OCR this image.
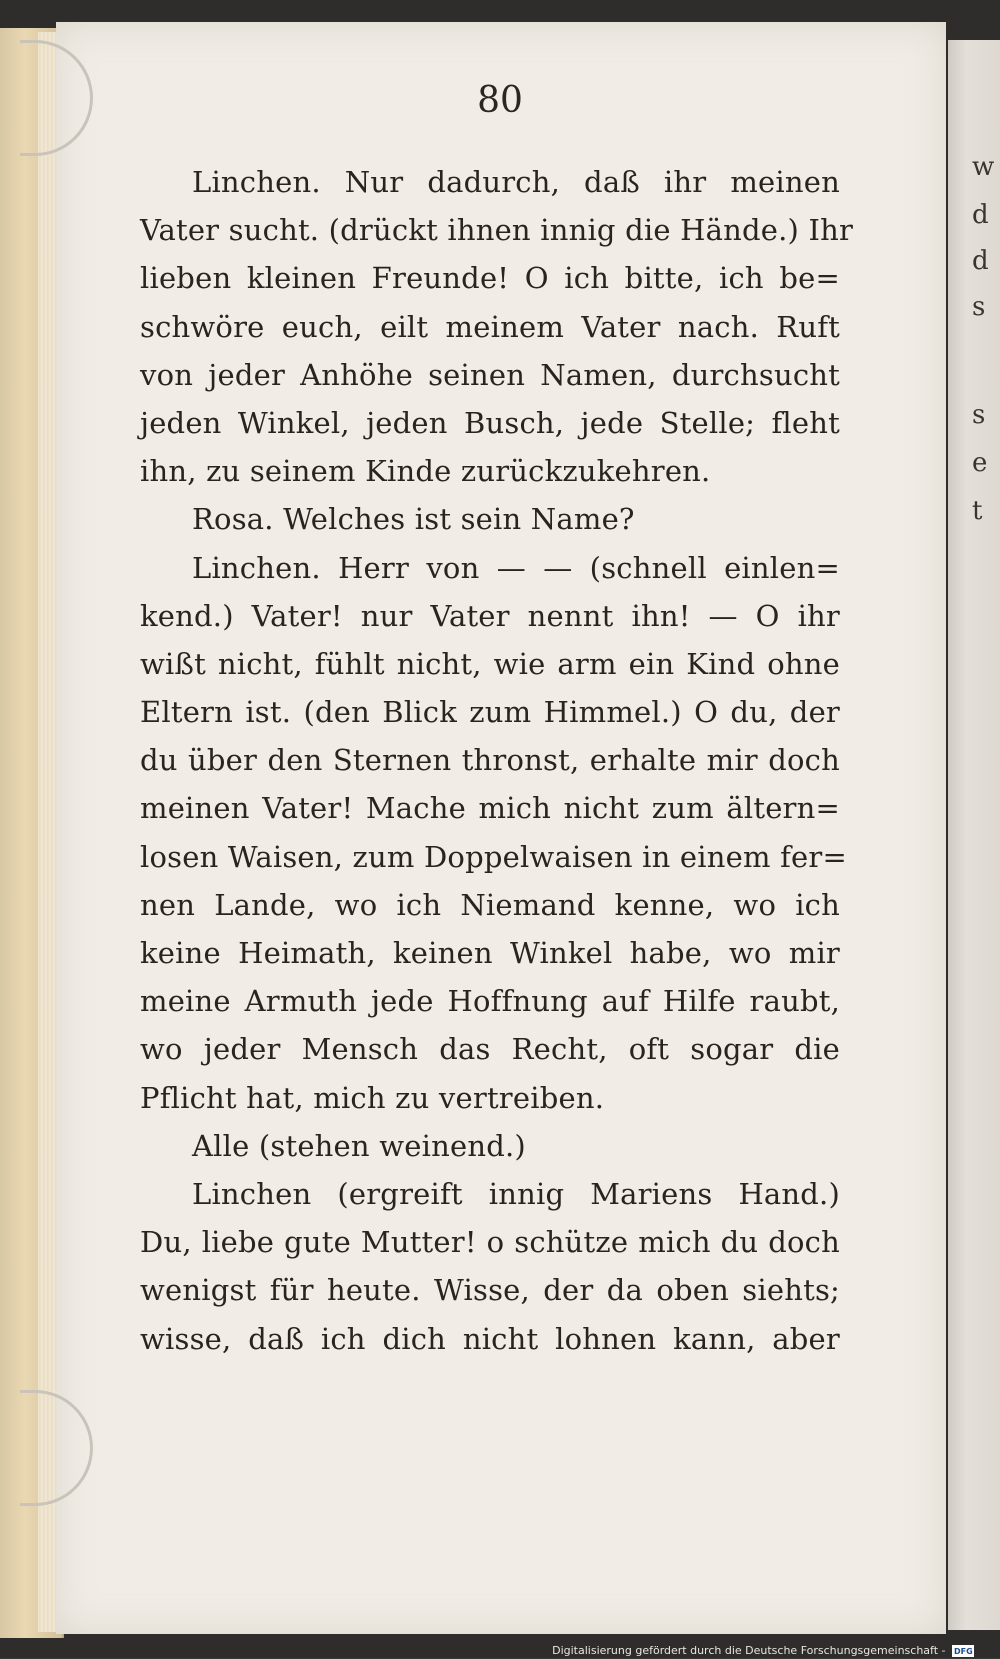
w
d
d
s
s
e
t
80
Linchen. Nur dadurch, daß ihr meinen
Vater sucht. (drückt ihnen innig die Hände.) Ihr
lieben kleinen Freunde! O ich bitte, ich be=
schwöre euch, eilt meinem Vater nach. Ruft
von jeder Anhöhe seinen Namen, durchsucht
jeden Winkel, jeden Busch, jede Stelle; fleht
ihn, zu seinem Kinde zurückzukehren.
Rosa. Welches ist sein Name?
Linchen. Herr von — — (schnell einlen=
kend.) Vater! nur Vater nennt ihn! — O ihr
wißt nicht, fühlt nicht, wie arm ein Kind ohne
Eltern ist. (den Blick zum Himmel.) O du, der
du über den Sternen thronst, erhalte mir doch
meinen Vater! Mache mich nicht zum ältern=
losen Waisen, zum Doppelwaisen in einem fer=
nen Lande, wo ich Niemand kenne, wo ich
keine Heimath, keinen Winkel habe, wo mir
meine Armuth jede Hoffnung auf Hilfe raubt,
wo jeder Mensch das Recht, oft sogar die
Pflicht hat, mich zu vertreiben.
Alle (stehen weinend.)
Linchen (ergreift innig Mariens Hand.)
Du, liebe gute Mutter! o schütze mich du doch
wenigst für heute. Wisse, der da oben siehts;
wisse, daß ich dich nicht lohnen kann, aber
Digitalisierung gefördert durch die Deutsche Forschungsgemeinschaft - DFG
